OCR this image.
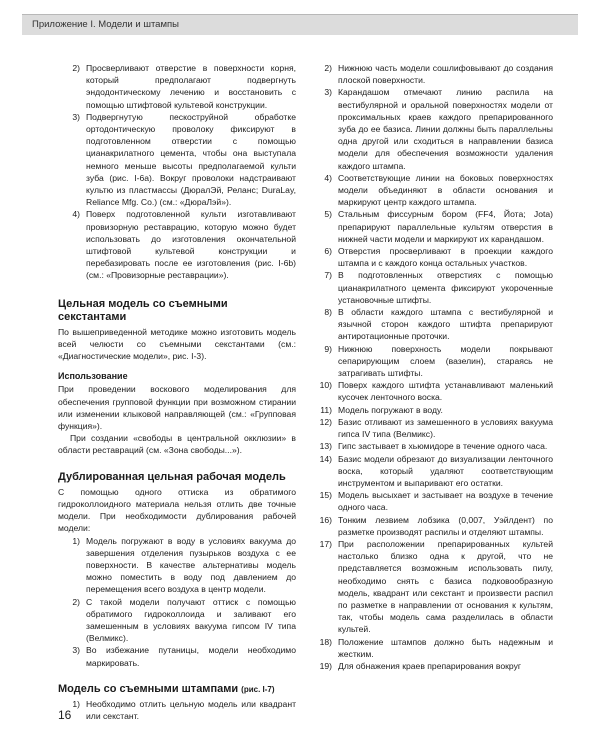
Приложение I. Модели и штампы
2) Просверливают отверстие в поверхности корня, который предполагают подвергнуть эндодонтическому лечению и восстановить с помощью штифтовой культевой конструкции.
3) Подвергнутую пескоструйной обработке ортодонтическую проволоку фиксируют в подготовленном отверстии с помощью цианакрилатного цемента, чтобы она выступала немного меньше высоты предполагаемой культи зуба (рис. I-6а). Вокруг проволоки надстраивают культю из пластмассы (ДюралЭй, Реланс; DuraLay, Reliance Mfg. Co.) (см.: «ДюраЛэй»).
4) Поверх подготовленной культи изготавливают провизорную реставрацию, которую можно будет использовать до изготовления окончательной штифтовой культевой конструкции и перебазировать после ее изготовления (рис. I-6b) (см.: «Провизорные реставрации»).
Цельная модель со съемными секстантами

По вышеприведенной методике можно изготовить модель всей челюсти со съемными секстантами (см.: «Диагностические модели», рис. I-3).

Использование

При проведении воскового моделирования для обеспечения групповой функции при возможном стирании или изменении клыковой направляющей (см.: «Групповая функция»).

При создании «свободы в центральной окклюзии» в области реставраций (см. «Зона свободы...»).

Дублированная цельная рабочая модель

С помощью одного оттиска из обратимого гидроколлоидного материала нельзя отлить две точные модели. При необходимости дублирования рабочей модели:

1) Модель погружают в воду в условиях вакуума до завершения отделения пузырьков воздуха с ее поверхности. В качестве альтернативы модель можно поместить в воду под давлением до перемещения всего воздуха в центр модели.
2) С такой модели получают оттиск с помощью обратимого гидроколлоида и заливают его замешенным в условиях вакуума гипсом IV типа (Велмикс).
3) Во избежание путаницы, модели необходимо маркировать.
Модель со съемными штампами (рис. I-7)
1) Необходимо отлить цельную модель или квадрант или секстант.
2) Нижнюю часть модели сошлифовывают до создания плоской поверхности.
3) Карандашом отмечают линию распила на вестибулярной и оральной поверхностях модели от проксимальных краев каждого препарированного зуба до ее базиса. Линии должны быть параллельны одна другой или сходиться в направлении базиса модели для обеспечения возможности удаления каждого штампа.
4) Соответствующие линии на боковых поверхностях модели объединяют в области основания и маркируют центр каждого штампа.
5) Стальным фиссурным бором (FF4, Йота; Jota) препарируют параллельные культям отверстия в нижней части модели и маркируют их карандашом.
6) Отверстия просверливают в проекции каждого штампа и с каждого конца остальных участков.
7) В подготовленных отверстиях с помощью цианакрилатного цемента фиксируют укороченные установочные штифты.
8) В области каждого штампа с вестибулярной и язычной сторон каждого штифта препарируют антиротационные проточки.
9) Нижнюю поверхность модели покрывают сепарирующим слоем (вазелин), стараясь не затрагивать штифты.
10) Поверх каждого штифта устанавливают маленький кусочек ленточного воска.
11) Модель погружают в воду.
12) Базис отливают из замешенного в условиях вакуума гипса IV типа (Велмикс).
13) Гипс застывает в хьюмидоре в течение одного часа.
14) Базис модели обрезают до визуализации ленточного воска, который удаляют соответствующим инструментом и выпаривают его остатки.
15) Модель высыхает и застывает на воздухе в течение одного часа.
16) Тонким лезвием лобзика (0,007, Уэйлдент) по разметке производят распилы и отделяют штампы.
17) При расположении препарированных культей настолько близко одна к другой, что не представляется возможным использовать пилу, необходимо снять с базиса подковообразную модель, квадрант или секстант и произвести распил по разметке в направлении от основания к культям, так, чтобы модель сама разделилась в области культей.
18) Положение штампов должно быть надежным и жестким.
19) Для обнажения краев препарирования вокруг
16
